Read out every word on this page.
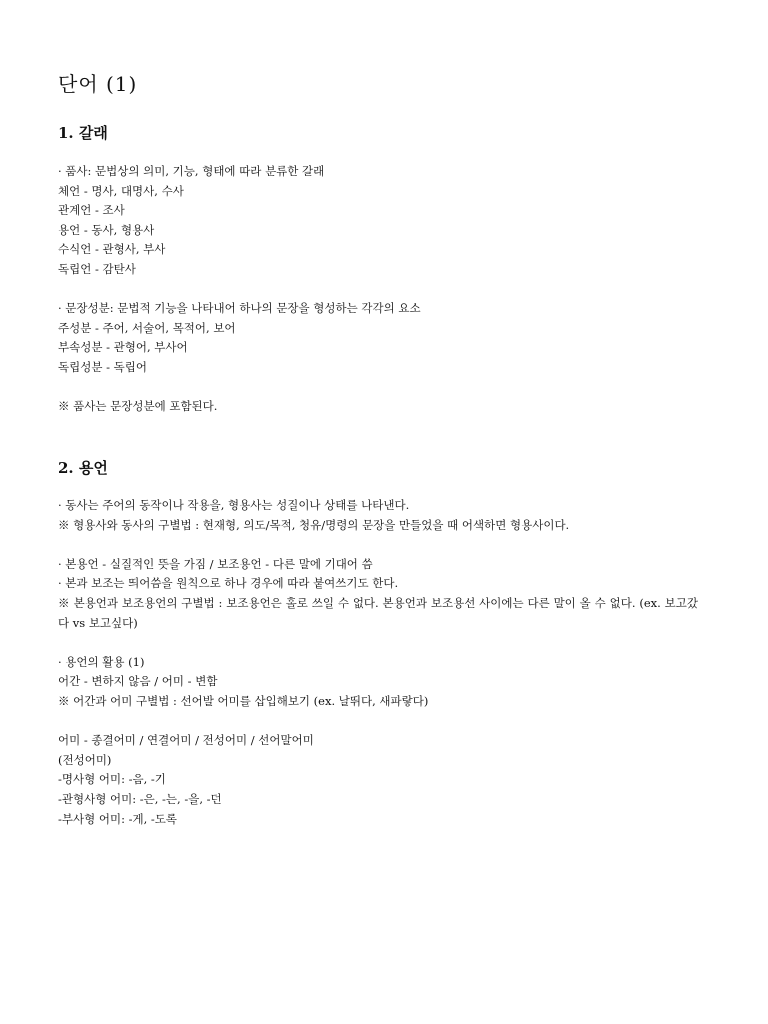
단어 (1)
1. 갈래
· 품사: 문법상의 의미, 기능, 형태에 따라 분류한 갈래
체언 - 명사, 대명사, 수사
관계언 - 조사
용언 - 동사, 형용사
수식언 - 관형사, 부사
독립언 - 감탄사
· 문장성분: 문법적 기능을 나타내어 하나의 문장을 형성하는 각각의 요소
주성분 - 주어, 서술어, 목적어, 보어
부속성분 - 관형어, 부사어
독립성분 - 독립어
※ 품사는 문장성분에 포함된다.
2. 용언
· 동사는 주어의 동작이나 작용을, 형용사는 성질이나 상태를 나타낸다.
※ 형용사와 동사의 구별법 : 현재형, 의도/목적, 청유/명령의 문장을 만들었을 때 어색하면 형용사이다.
· 본용언 - 실질적인 뜻을 가짐 / 보조용언 - 다른 말에 기대어 씀
· 본과 보조는 띄어씀을 원칙으로 하나 경우에 따라 붙여쓰기도 한다.
※ 본용언과 보조용언의 구별법 : 보조용언은 홀로 쓰일 수 없다. 본용언과 보조용선 사이에는 다른 말이 올 수 없다. (ex. 보고갔다 vs 보고싶다)
· 용언의 활용 (1)
어간 - 변하지 않음 / 어미 - 변함
※ 어간과 어미 구별법 : 선어발 어미를 삽입해보기 (ex. 날뛰다, 새파랗다)
어미 - 종결어미 / 연결어미 / 전성어미 / 선어말어미
(전성어미)
-명사형 어미: -음, -기
-관형사형 어미: -은, -는, -을, -던
-부사형 어미: -게, -도록
